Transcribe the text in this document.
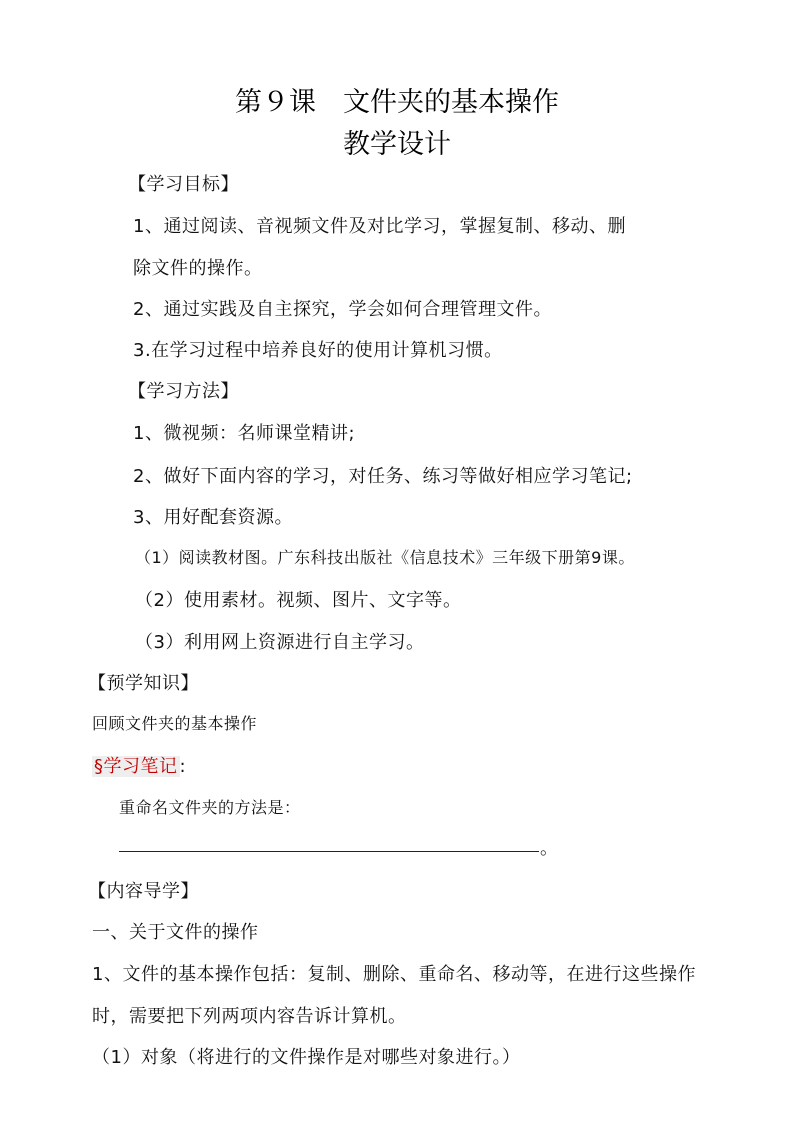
第９课　文件夹的基本操作
教学设计
【学习目标】
1、通过阅读、音视频文件及对比学习，掌握复制、移动、删
除文件的操作。
2、通过实践及自主探究，学会如何合理管理文件。
3.在学习过程中培养良好的使用计算机习惯。
【学习方法】
1、微视频：名师课堂精讲;
2、做好下面内容的学习，对任务、练习等做好相应学习笔记;
3、用好配套资源。
（1）阅读教材图。广东科技出版社《信息技术》三年级下册第9课。
（2）使用素材。视频、图片、文字等。
（3）利用网上资源进行自主学习。
【预学知识】
回顾文件夹的基本操作
§学习笔记 :
重命名文件夹的方法是：
。
【内容导学】
一、关于文件的操作
1、文件的基本操作包括：复制、删除、重命名、移动等，在进行这些操作
时，需要把下列两项内容告诉计算机。
（1）对象（将进行的文件操作是对哪些对象进行。）
